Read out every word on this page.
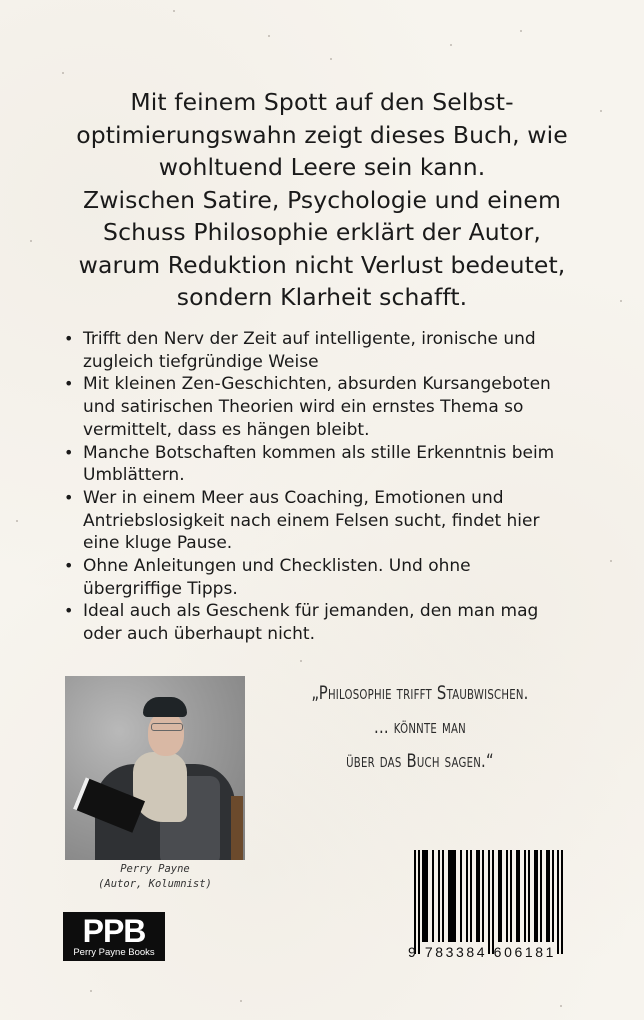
Mit feinem Spott auf den Selbst-
optimierungswahn zeigt dieses Buch, wie
wohltuend Leere sein kann.
Zwischen Satire, Psychologie und einem
Schuss Philosophie erklärt der Autor,
warum Reduktion nicht Verlust bedeutet,
sondern Klarheit schafft.
• Trifft den Nerv der Zeit auf intelligente, ironische und
zugleich tiefgründige Weise
• Mit kleinen Zen-Geschichten, absurden Kursangeboten
und satirischen Theorien wird ein ernstes Thema so
vermittelt, dass es hängen bleibt.
• Manche Botschaften kommen als stille Erkenntnis beim
Umblättern.
• Wer in einem Meer aus Coaching, Emotionen und
Antriebslosigkeit nach einem Felsen sucht, findet hier
eine kluge Pause.
• Ohne Anleitungen und Checklisten. Und ohne
übergriffige Tipps.
• Ideal auch als Geschenk für jemanden, den man mag
oder auch überhaupt nicht.
Perry Payne
(Autor, Kolumnist)
PPB
Perry Payne Books
„Philosophie trifft Staubwischen.
... könnte man
über das Buch sagen.“
9 783384 606181
